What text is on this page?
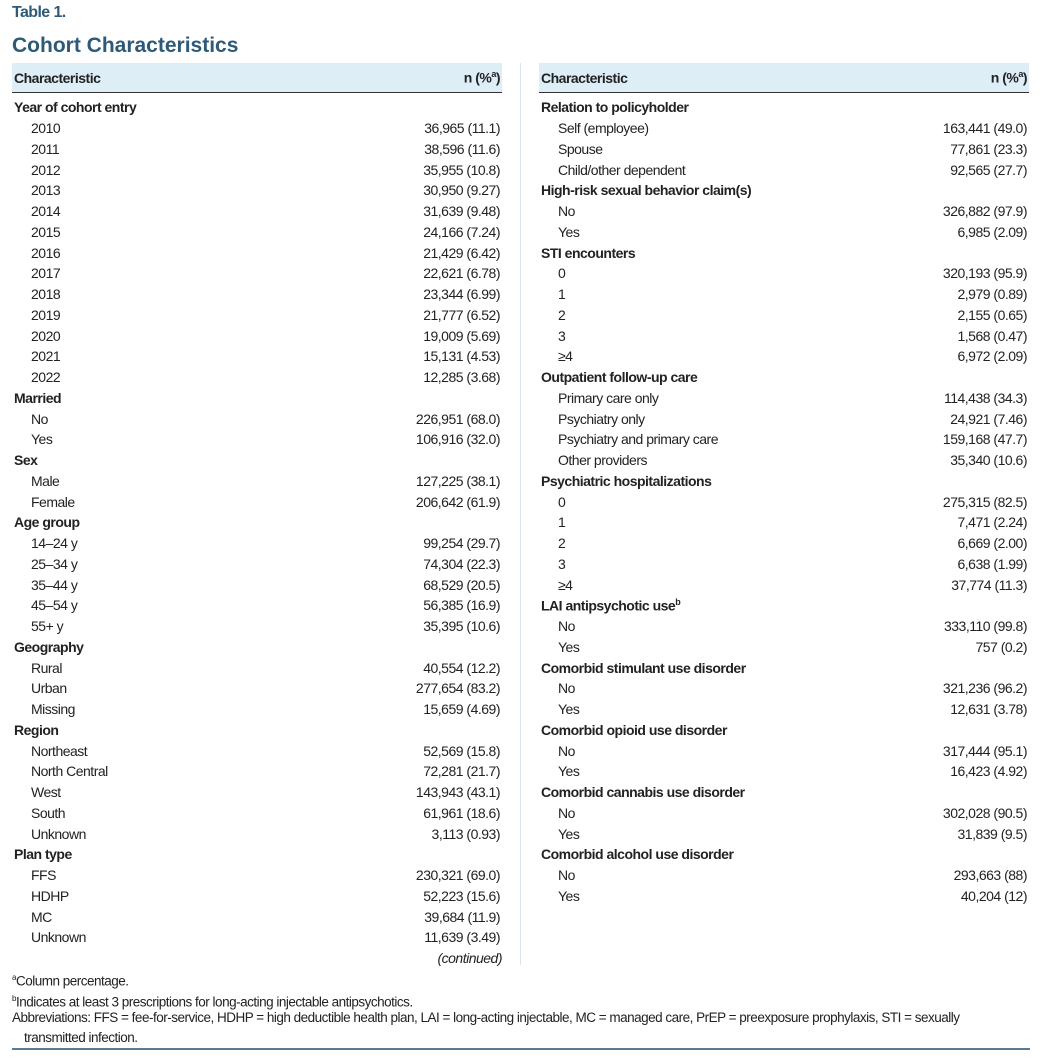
Table 1.
Cohort Characteristics
Characteristic	n (%$^a$)
Year of cohort entry
2010	36,965 (11.1)
2011	38,596 (11.6)
2012	35,955 (10.8)
2013	30,950 (9.27)
2014	31,639 (9.48)
2015	24,166 (7.24)
2016	21,429 (6.42)
2017	22,621 (6.78)
2018	23,344 (6.99)
2019	21,777 (6.52)
2020	19,009 (5.69)
2021	15,131 (4.53)
2022	12,285 (3.68)
Married
No	226,951 (68.0)
Yes	106,916 (32.0)
Sex
Male	127,225 (38.1)
Female	206,642 (61.9)
Age group
14–24 y	99,254 (29.7)
25–34 y	74,304 (22.3)
35–44 y	68,529 (20.5)
45–54 y	56,385 (16.9)
55+ y	35,395 (10.6)
Geography
Rural	40,554 (12.2)
Urban	277,654 (83.2)
Missing	15,659 (4.69)
Region
Northeast	52,569 (15.8)
North Central	72,281 (21.7)
West	143,943 (43.1)
South	61,961 (18.6)
Unknown	3,113 (0.93)
Plan type
FFS	230,321 (69.0)
HDHP	52,223 (15.6)
MC	39,684 (11.9)
Unknown	11,639 (3.49)
Characteristic	n (%$^a$)
Relation to policyholder
Self (employee)	163,441 (49.0)
Spouse	77,861 (23.3)
Child/other dependent	92,565 (27.7)
High-risk sexual behavior claim(s)
No	326,882 (97.9)
Yes	6,985 (2.09)
STI encounters
0	320,193 (95.9)
1	2,979 (0.89)
2	2,155 (0.65)
3	1,568 (0.47)
≥4	6,972 (2.09)
Outpatient follow-up care
Primary care only	114,438 (34.3)
Psychiatry only	24,921 (7.46)
Psychiatry and primary care	159,168 (47.7)
Other providers	35,340 (10.6)
Psychiatric hospitalizations
0	275,315 (82.5)
1	7,471 (2.24)
2	6,669 (2.00)
3	6,638 (1.99)
≥4	37,774 (11.3)
LAI antipsychotic use$^b$
No	333,110 (99.8)
Yes	757 (0.2)
Comorbid stimulant use disorder
No	321,236 (96.2)
Yes	12,631 (3.78)
Comorbid opioid use disorder
No	317,444 (95.1)
Yes	16,423 (4.92)
Comorbid cannabis use disorder
No	302,028 (90.5)
Yes	31,839 (9.5)
Comorbid alcohol use disorder
No	293,663 (88)
Yes	40,204 (12)
(continued)
$^a$Column percentage.
$^b$Indicates at least 3 prescriptions for long-acting injectable antipsychotics.
Abbreviations: FFS = fee-for-service, HDHP = high deductible health plan, LAI = long-acting injectable, MC = managed care, PrEP = preexposure prophylaxis, STI = sexually
transmitted infection.
